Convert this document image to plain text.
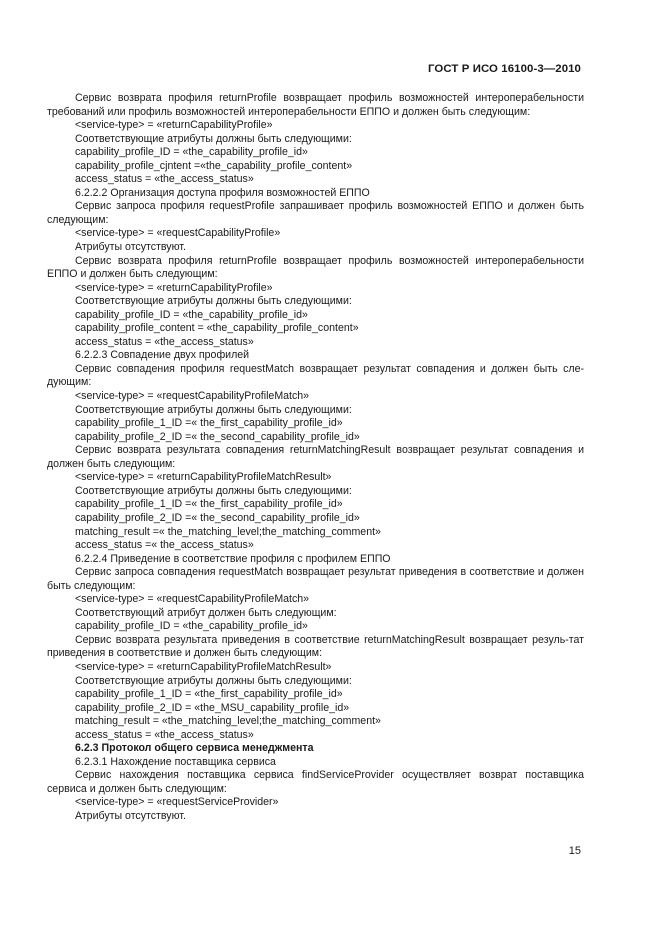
ГОСТ Р ИСО 16100-3—2010

Сервис возврата профиля returnProfile возвращает профиль возможностей интероперабельности требований или профиль возможностей интероперабельности ЕППО и должен быть следующим:

<service-type> = «returnCapabilityProfile»

Соответствующие атрибуты должны быть следующими:

capability_profile_ID = «the_capability_profile_id»

capability_profile_cjntent =«the_capability_profile_content»

access_status = «the_access_status»

6.2.2.2 Организация доступа профиля возможностей ЕППО

Сервис запроса профиля requestProfile запрашивает профиль возможностей ЕППО и должен быть следующим:

<service-type> = «requestCapabilityProfile»

Атрибуты отсутствуют.

Сервис возврата профиля returnProfile возвращает профиль возможностей интероперабельности ЕППО и должен быть следующим:

<service-type> = «returnCapabilityProfile»

Соответствующие атрибуты должны быть следующими:

capability_profile_ID = «the_capability_profile_id»

capability_profile_content = «the_capability_profile_content»

access_status = «the_access_status»

6.2.2.3 Совпадение двух профилей

Сервис совпадения профиля requestMatch возвращает результат совпадения и должен быть сле-дующим:

<service-type> = «requestCapabilityProfileMatch»

Соответствующие атрибуты должны быть следующими:

capability_profile_1_ID =« the_first_capability_profile_id»

capability_profile_2_ID =« the_second_capability_profile_id»

Сервис возврата результата совпадения returnMatchingResult возвращает результат совпадения и должен быть следующим:

<service-type> = «returnCapabilityProfileMatchResult»

Соответствующие атрибуты должны быть следующими:

capability_profile_1_ID =« the_first_capability_profile_id»

capability_profile_2_ID =« the_second_capability_profile_id»

matching_result =« the_matching_level;the_matching_comment»

access_status =« the_access_status»

6.2.2.4 Приведение в соответствие профиля с профилем ЕППО

Сервис запроса совпадения requestMatch возвращает результат приведения в соответствие и должен быть следующим:

<service-type> = «requestCapabilityProfileMatch»

Соответствующий атрибут должен быть следующим:

capability_profile_ID = «the_capability_profile_id»

Сервис возврата результата приведения в соответствие returnMatchingResult возвращает резуль-тат приведения в соответствие и должен быть следующим:

<service-type> = «returnCapabilityProfileMatchResult»

Соответствующие атрибуты должны быть следующими:

capability_profile_1_ID = «the_first_capability_profile_id»

capability_profile_2_ID = «the_MSU_capability_profile_id»

matching_result = «the_matching_level;the_matching_comment»

access_status = «the_access_status»

6.2.3 Протокол общего сервиса менеджмента

6.2.3.1 Нахождение поставщика сервиса

Сервис нахождения поставщика сервиса findServiceProvider осуществляет возврат поставщика сервиса и должен быть следующим:

<service-type> = «requestServiceProvider»

Атрибуты отсутствуют.

15
